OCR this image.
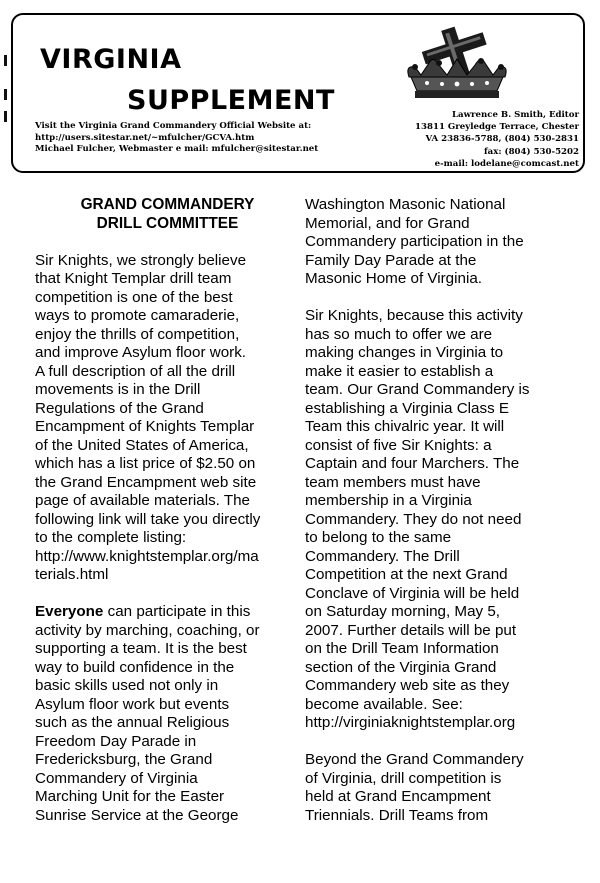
VIRGINIA
SUPPLEMENT
Visit the Virginia Grand Commandery Official Website at:
http://users.sitestar.net/~mfulcher/GCVA.htm
Michael Fulcher, Webmaster e mail: mfulcher@sitestar.net
Lawrence B. Smith, Editor
13811 Greyledge Terrace, Chester
VA 23836-5788, (804) 530-2831
fax: (804) 530-5202
e-mail: lodelane@comcast.net
GRAND COMMANDERY
DRILL COMMITTEE
Sir Knights, we strongly believe
that Knight Templar drill team
competition is one of the best
ways to promote camaraderie,
enjoy the thrills of competition,
and improve Asylum floor work.
A full description of all the drill
movements is in the Drill
Regulations of the Grand
Encampment of Knights Templar
of the United States of America,
which has a list price of $2.50 on
the Grand Encampment web site
page of available materials. The
following link will take you directly
to the complete listing:
http://www.knightstemplar.org/ma
terials.html
Everyone can participate in this
activity by marching, coaching, or
supporting a team. It is the best
way to build confidence in the
basic skills used not only in
Asylum floor work but events
such as the annual Religious
Freedom Day Parade in
Fredericksburg, the Grand
Commandery of Virginia
Marching Unit for the Easter
Sunrise Service at the George
Washington Masonic National
Memorial, and for Grand
Commandery participation in the
Family Day Parade at the
Masonic Home of Virginia.
Sir Knights, because this activity
has so much to offer we are
making changes in Virginia to
make it easier to establish a
team. Our Grand Commandery is
establishing a Virginia Class E
Team this chivalric year. It will
consist of five Sir Knights: a
Captain and four Marchers. The
team members must have
membership in a Virginia
Commandery. They do not need
to belong to the same
Commandery. The Drill
Competition at the next Grand
Conclave of Virginia will be held
on Saturday morning, May 5,
2007. Further details will be put
on the Drill Team Information
section of the Virginia Grand
Commandery web site as they
become available. See:
http://virginiaknightstemplar.org
Beyond the Grand Commandery
of Virginia, drill competition is
held at Grand Encampment
Triennials. Drill Teams from
